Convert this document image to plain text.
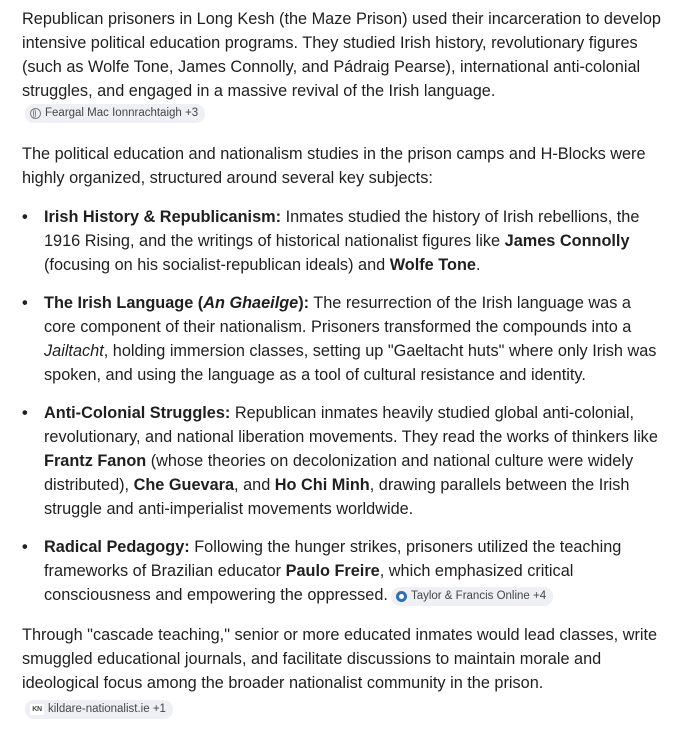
Republican prisoners in Long Kesh (the Maze Prison) used their incarceration to develop intensive political education programs. They studied Irish history, revolutionary figures (such as Wolfe Tone, James Connolly, and Pádraig Pearse), international anti-colonial struggles, and engaged in a massive revival of the Irish language.
Feargal Mac Ionnrachtaigh +3

The political education and nationalism studies in the prison camps and H-Blocks were highly organized, structured around several key subjects:

• Irish History & Republicanism: Inmates studied the history of Irish rebellions, the 1916 Rising, and the writings of historical nationalist figures like James Connolly (focusing on his socialist-republican ideals) and Wolfe Tone.
• The Irish Language (An Ghaeilge): The resurrection of the Irish language was a core component of their nationalism. Prisoners transformed the compounds into a Jailtacht, holding immersion classes, setting up "Gaeltacht huts" where only Irish was spoken, and using the language as a tool of cultural resistance and identity.
• Anti-Colonial Struggles: Republican inmates heavily studied global anti-colonial, revolutionary, and national liberation movements. They read the works of thinkers like Frantz Fanon (whose theories on decolonization and national culture were widely distributed), Che Guevara, and Ho Chi Minh, drawing parallels between the Irish struggle and anti-imperialist movements worldwide.
• Radical Pedagogy: Following the hunger strikes, prisoners utilized the teaching frameworks of Brazilian educator Paulo Freire, which emphasized critical consciousness and empowering the oppressed. Taylor & Francis Online +4

Through "cascade teaching," senior or more educated inmates would lead classes, write smuggled educational journals, and facilitate discussions to maintain morale and ideological focus among the broader nationalist community in the prison.
KN kildare-nationalist.ie +1
